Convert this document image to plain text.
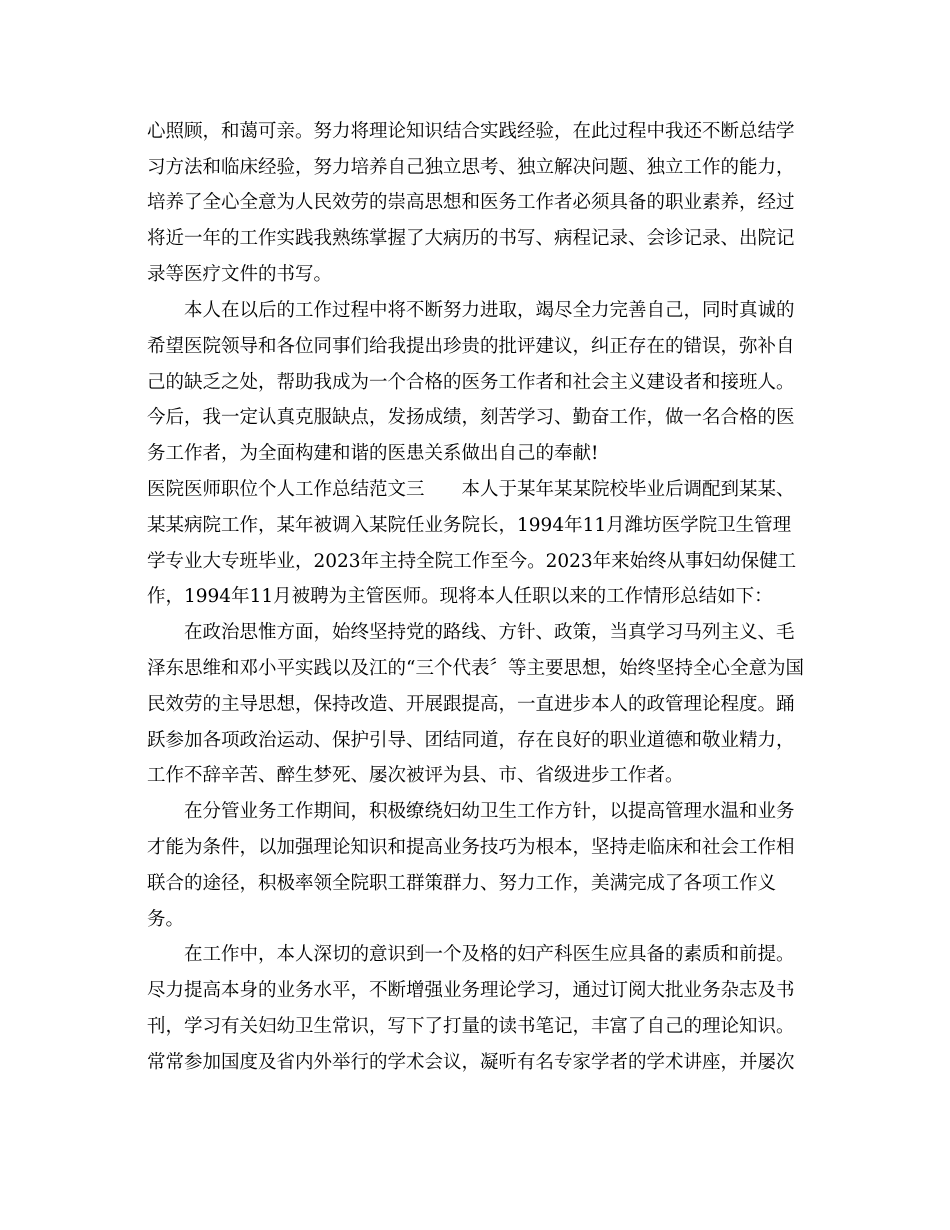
心照顾，和蔼可亲。努力将理论知识结合实践经验，在此过程中我还不断总结学

习方法和临床经验，努力培养自己独立思考、独立解决问题、独立工作的能力，

培养了全心全意为人民效劳的崇高思想和医务工作者必须具备的职业素养，经过

将近一年的工作实践我熟练掌握了大病历的书写、病程记录、会诊记录、出院记

录等医疗文件的书写。

本人在以后的工作过程中将不断努力进取，竭尽全力完善自己，同时真诚的

希望医院领导和各位同事们给我提出珍贵的批评建议，纠正存在的错误，弥补自

己的缺乏之处，帮助我成为一个合格的医务工作者和社会主义建设者和接班人。

今后，我一定认真克服缺点，发扬成绩，刻苦学习、勤奋工作，做一名合格的医

务工作者，为全面构建和谐的医患关系做出自己的奉献!

医院医师职位个人工作总结范文三　　本人于某年某某院校毕业后调配到某某、

某某病院工作，某年被调入某院任业务院长，1994年11月潍坊医学院卫生管理

学专业大专班毕业，2023年主持全院工作至今。2023年来始终从事妇幼保健工

作，1994年11月被聘为主管医师。现将本人任职以来的工作情形总结如下：

在政治思惟方面，始终坚持党的路线、方针、政策，当真学习马列主义、毛

泽东思维和邓小平实践以及江的“三个代表〞等主要思想，始终坚持全心全意为国

民效劳的主导思想，保持改造、开展跟提高，一直进步本人的政管理论程度。踊

跃参加各项政治运动、保护引导、团结同道，存在良好的职业道德和敬业精力，

工作不辞辛苦、醉生梦死、屡次被评为县、市、省级进步工作者。

在分管业务工作期间，积极缭绕妇幼卫生工作方针，以提高管理水温和业务

才能为条件，以加强理论知识和提高业务技巧为根本，坚持走临床和社会工作相

联合的途径，积极率领全院职工群策群力、努力工作，美满完成了各项工作义

务。

在工作中，本人深切的意识到一个及格的妇产科医生应具备的素质和前提。

尽力提高本身的业务水平，不断增强业务理论学习，通过订阅大批业务杂志及书

刊，学习有关妇幼卫生常识，写下了打量的读书笔记，丰富了自己的理论知识。

常常参加国度及省内外举行的学术会议，凝听有名专家学者的学术讲座，并屡次
